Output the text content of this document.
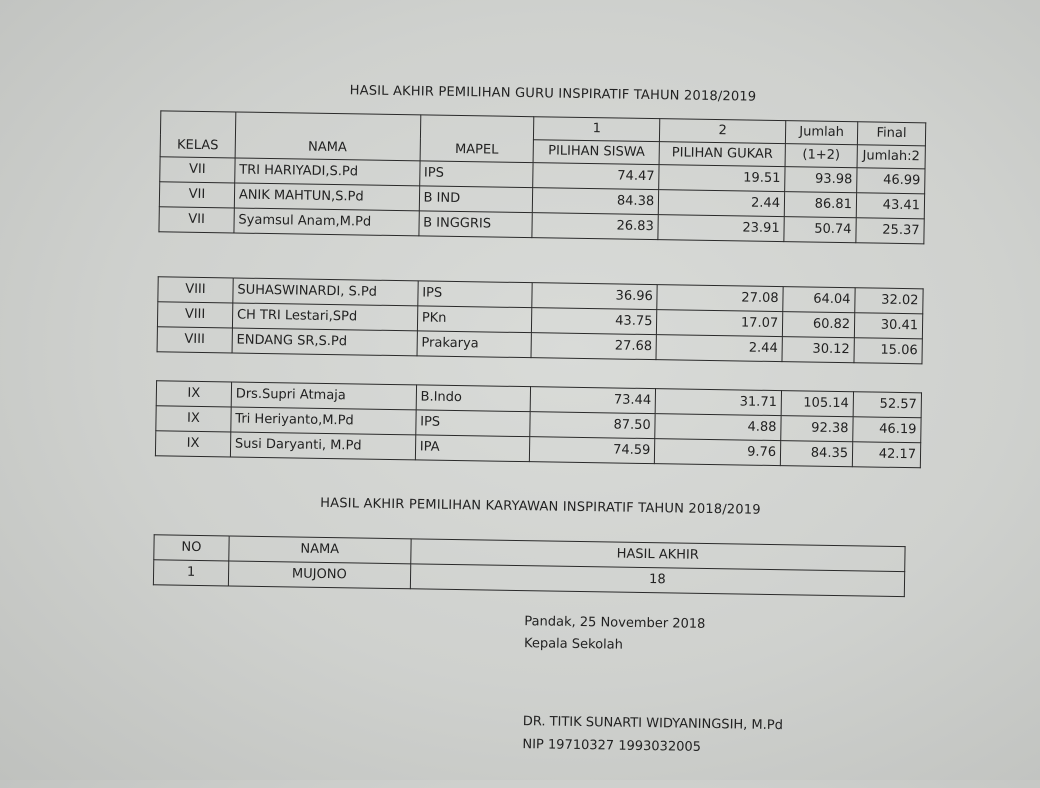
HASIL AKHIR PEMILIHAN GURU INSPIRATIF TAHUN 2018/2019
KELAS	NAMA	MAPEL	1	2	Jumlah	Final
			PILIHAN SISWA	PILIHAN GUKAR	(1+2)	Jumlah:2
VII	TRI HARIYADI,S.Pd	IPS	74.47	19.51	93.98	46.99
VII	ANIK MAHTUN,S.Pd	B IND	84.38	2.44	86.81	43.41
VII	Syamsul Anam,M.Pd	B INGGRIS	26.83	23.91	50.74	25.37
VIII	SUHASWINARDI, S.Pd	IPS	36.96	27.08	64.04	32.02
VIII	CH TRI Lestari,SPd	PKn	43.75	17.07	60.82	30.41
VIII	ENDANG SR,S.Pd	Prakarya	27.68	2.44	30.12	15.06
IX	Drs.Supri Atmaja	B.Indo	73.44	31.71	105.14	52.57
IX	Tri Heriyanto,M.Pd	IPS	87.50	4.88	92.38	46.19
IX	Susi Daryanti, M.Pd	IPA	74.59	9.76	84.35	42.17
HASIL AKHIR PEMILIHAN KARYAWAN INSPIRATIF TAHUN 2018/2019
NO	NAMA	HASIL AKHIR
1	MUJONO	18
Pandak, 25 November 2018
Kepala Sekolah
DR. TITIK SUNARTI WIDYANINGSIH, M.Pd
NIP 19710327 1993032005
